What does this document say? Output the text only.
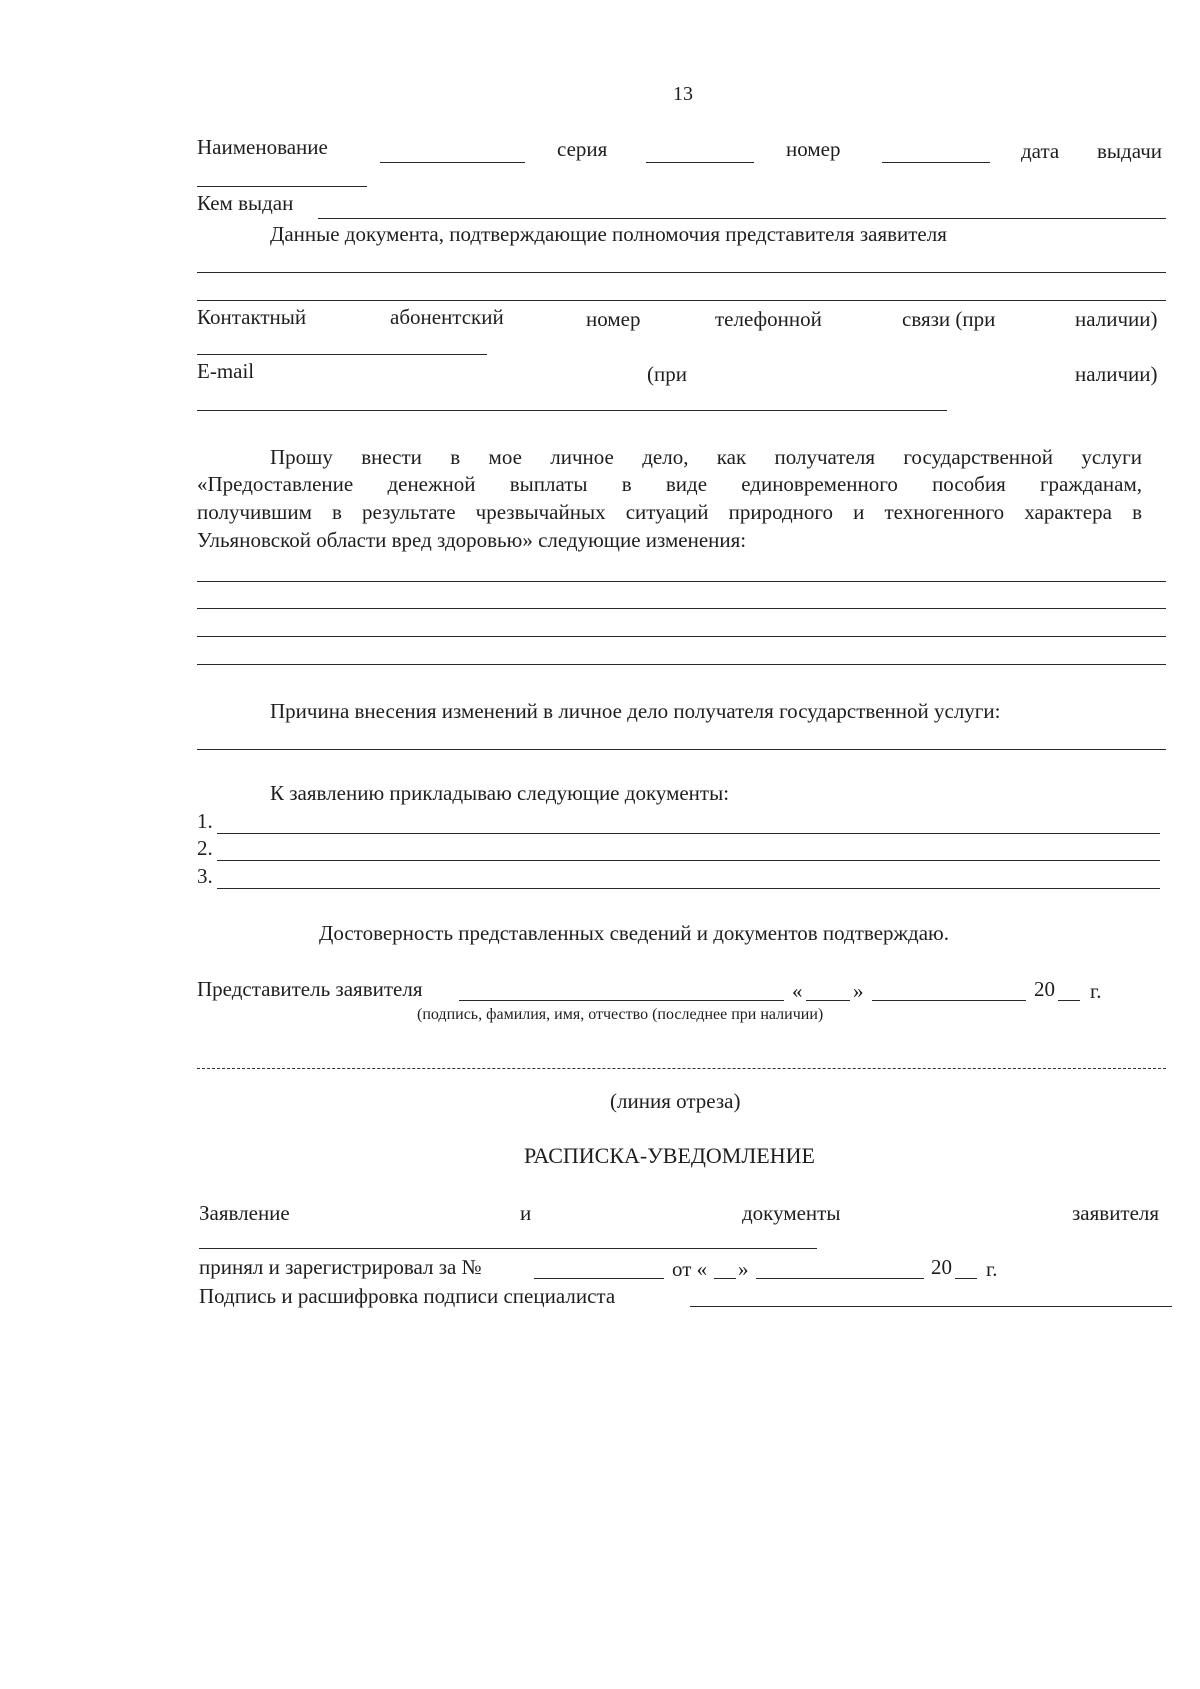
13
Наименование	серия	номер	дата выдачи
Кем выдан
Данные документа, подтверждающие полномочия представителя заявителя
Контактный	абонентский	номер	телефонной	связи (при	наличии)
E-mail	(при	наличии)
Прошу внести в мое личное дело, как получателя государственной услуги
«Предоставление денежной выплаты в виде единовременного пособия гражданам,
получившим в результате чрезвычайных ситуаций природного и техногенного характера в
Ульяновской области вред здоровью» следующие изменения:
Причина внесения изменений в личное дело получателя государственной услуги:
К заявлению прикладываю следующие документы:
1.
2.
3.
Достоверность представленных сведений и документов подтверждаю.
Представитель заявителя	« »	20 г.
(подпись, фамилия, имя, отчество (последнее при наличии)
(линия отреза)
РАСПИСКА-УВЕДОМЛЕНИЕ
Заявление	и	документы	заявителя
принял и зарегистрировал за №	от « »	20 г.
Подпись и расшифровка подписи специалиста
